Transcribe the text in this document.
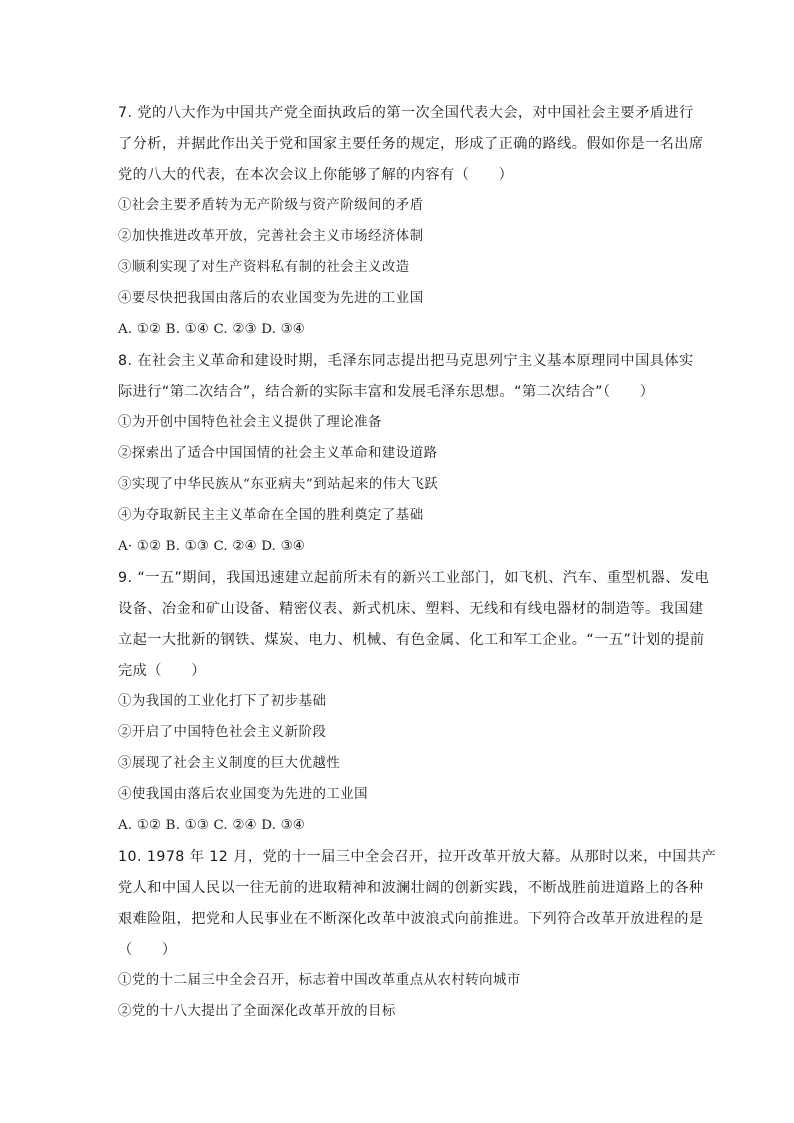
7. 党的八大作为中国共产党全面执政后的第一次全国代表大会，对中国社会主要矛盾进行
了分析，并据此作出关于党和国家主要任务的规定，形成了正确的路线。假如你是一名出席
党的八大的代表，在本次会议上你能够了解的内容有（　　）
①社会主要矛盾转为无产阶级与资产阶级间的矛盾
②加快推进改革开放，完善社会主义市场经济体制
③顺利实现了对生产资料私有制的社会主义改造
④要尽快把我国由落后的农业国变为先进的工业国
A. ①② B. ①④ C. ②③ D. ③④
8. 在社会主义革命和建设时期，毛泽东同志提出把马克思列宁主义基本原理同中国具体实
际进行“第二次结合”，结合新的实际丰富和发展毛泽东思想。“第二次结合”（　　）
①为开创中国特色社会主义提供了理论准备
②探索出了适合中国国情的社会主义革命和建设道路
③实现了中华民族从“东亚病夫”到站起来的伟大飞跃
④为夺取新民主主义革命在全国的胜利奠定了基础
A· ①② B. ①③ C. ②④ D. ③④
9. “一五”期间，我国迅速建立起前所未有的新兴工业部门，如飞机、汽车、重型机器、发电
设备、冶金和矿山设备、精密仪表、新式机床、塑料、无线和有线电器材的制造等。我国建
立起一大批新的钢铁、煤炭、电力、机械、有色金属、化工和军工企业。“一五”计划的提前
完成（　　）
①为我国的工业化打下了初步基础
②开启了中国特色社会主义新阶段
③展现了社会主义制度的巨大优越性
④使我国由落后农业国变为先进的工业国
A. ①② B. ①③ C. ②④ D. ③④
10. 1978 年 12 月，党的十一届三中全会召开，拉开改革开放大幕。从那时以来，中国共产
党人和中国人民以一往无前的进取精神和波澜壮阔的创新实践，不断战胜前进道路上的各种
艰难险阻，把党和人民事业在不断深化改革中波浪式向前推进。下列符合改革开放进程的是
（　　）
①党的十二届三中全会召开，标志着中国改革重点从农村转向城市
②党的十八大提出了全面深化改革开放的目标
